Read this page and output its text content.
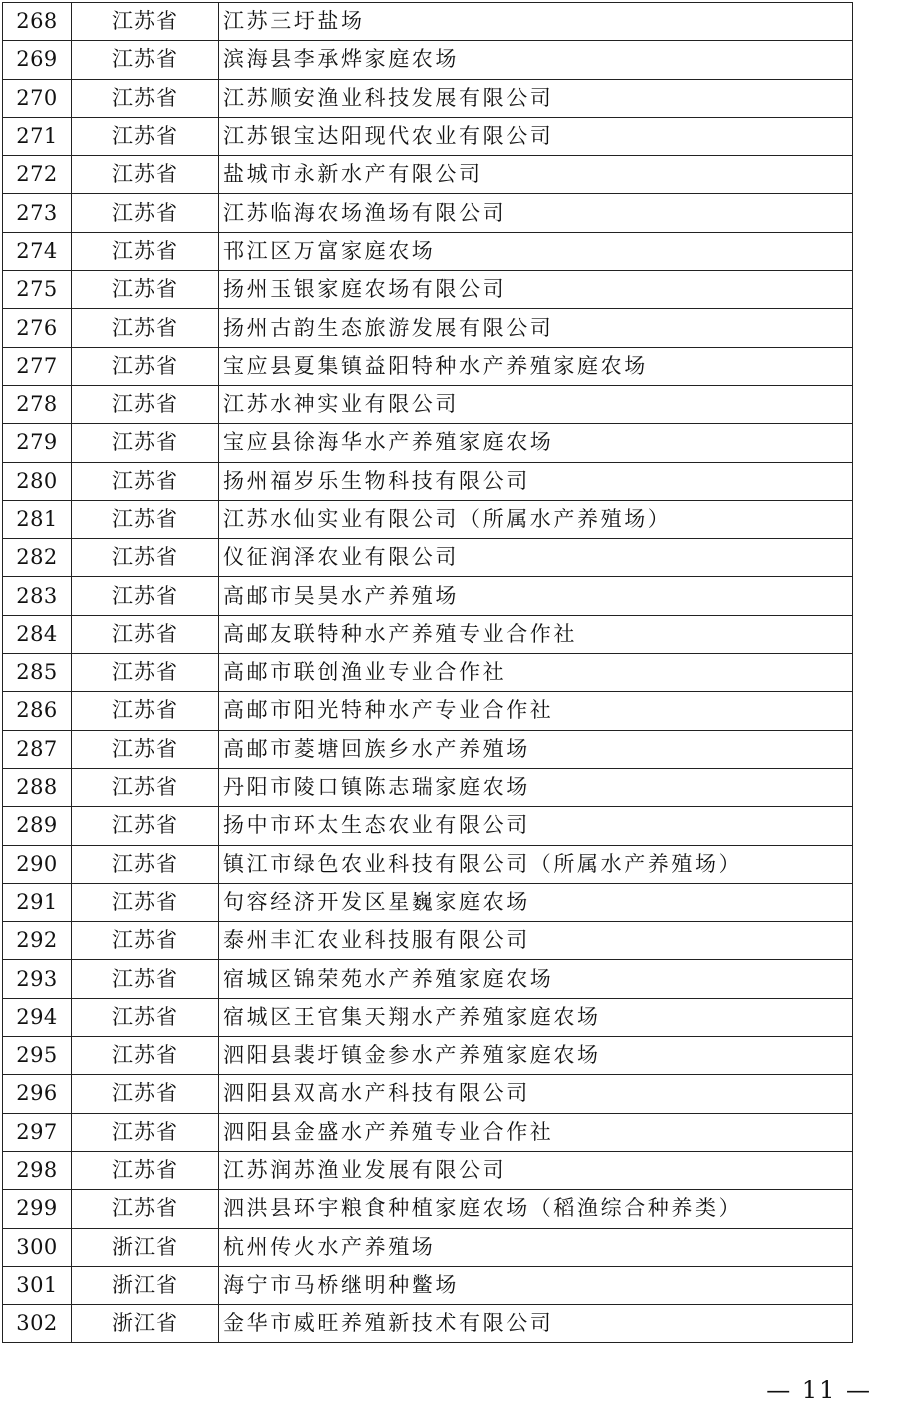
268	江苏省	江苏三圩盐场
269	江苏省	滨海县李承烨家庭农场
270	江苏省	江苏顺安渔业科技发展有限公司
271	江苏省	江苏银宝达阳现代农业有限公司
272	江苏省	盐城市永新水产有限公司
273	江苏省	江苏临海农场渔场有限公司
274	江苏省	邗江区万富家庭农场
275	江苏省	扬州玉银家庭农场有限公司
276	江苏省	扬州古韵生态旅游发展有限公司
277	江苏省	宝应县夏集镇益阳特种水产养殖家庭农场
278	江苏省	江苏水神实业有限公司
279	江苏省	宝应县徐海华水产养殖家庭农场
280	江苏省	扬州福岁乐生物科技有限公司
281	江苏省	江苏水仙实业有限公司（所属水产养殖场）
282	江苏省	仪征润泽农业有限公司
283	江苏省	高邮市吴昊水产养殖场
284	江苏省	高邮友联特种水产养殖专业合作社
285	江苏省	高邮市联创渔业专业合作社
286	江苏省	高邮市阳光特种水产专业合作社
287	江苏省	高邮市菱塘回族乡水产养殖场
288	江苏省	丹阳市陵口镇陈志瑞家庭农场
289	江苏省	扬中市环太生态农业有限公司
290	江苏省	镇江市绿色农业科技有限公司（所属水产养殖场）
291	江苏省	句容经济开发区星巍家庭农场
292	江苏省	泰州丰汇农业科技服有限公司
293	江苏省	宿城区锦荣苑水产养殖家庭农场
294	江苏省	宿城区王官集天翔水产养殖家庭农场
295	江苏省	泗阳县裴圩镇金参水产养殖家庭农场
296	江苏省	泗阳县双高水产科技有限公司
297	江苏省	泗阳县金盛水产养殖专业合作社
298	江苏省	江苏润苏渔业发展有限公司
299	江苏省	泗洪县环宇粮食种植家庭农场（稻渔综合种养类）
300	浙江省	杭州传火水产养殖场
301	浙江省	海宁市马桥继明种鳖场
302	浙江省	金华市威旺养殖新技术有限公司
— 11 —
